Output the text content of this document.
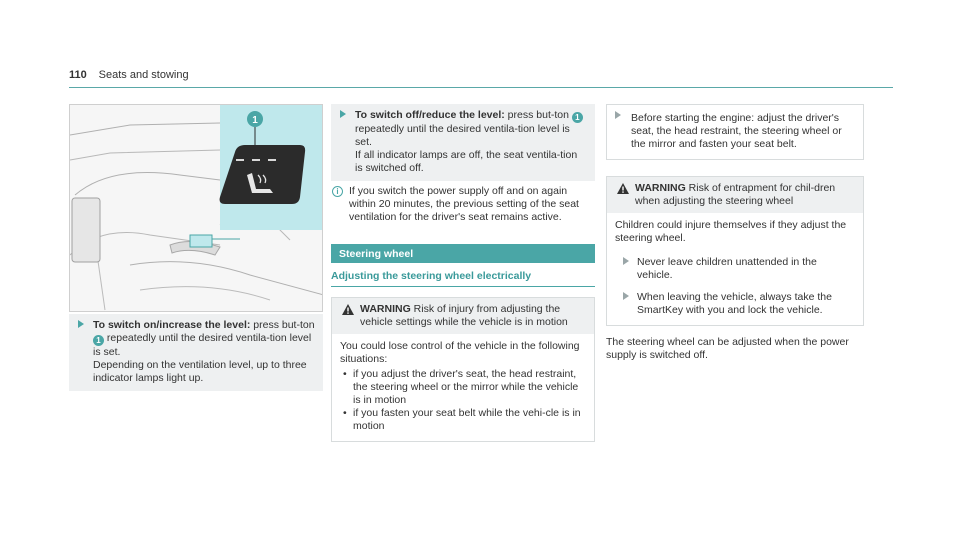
110 Seats and stowing
1
To switch on/increase the level: press but-ton 1 repeatedly until the desired ventila-tion level is set.
Depending on the ventilation level, up to three indicator lamps light up.
To switch off/reduce the level: press but-ton 1 repeatedly until the desired ventila-tion level is set.
If all indicator lamps are off, the seat ventila-tion is switched off.
i If you switch the power supply off and on again within 20 minutes, the previous setting of the seat ventilation for the driver's seat remains active.
Steering wheel
Adjusting the steering wheel electrically
WARNING Risk of injury from adjusting the vehicle settings while the vehicle is in motion
You could lose control of the vehicle in the following situations:
• if you adjust the driver's seat, the head restraint, the steering wheel or the mirror while the vehicle is in motion
• if you fasten your seat belt while the vehi-cle is in motion
Before starting the engine: adjust the driver's seat, the head restraint, the steering wheel or the mirror and fasten your seat belt.
WARNING Risk of entrapment for chil-dren when adjusting the steering wheel
Children could injure themselves if they adjust the steering wheel.
Never leave children unattended in the vehicle.
When leaving the vehicle, always take the SmartKey with you and lock the vehicle.
The steering wheel can be adjusted when the power supply is switched off.
